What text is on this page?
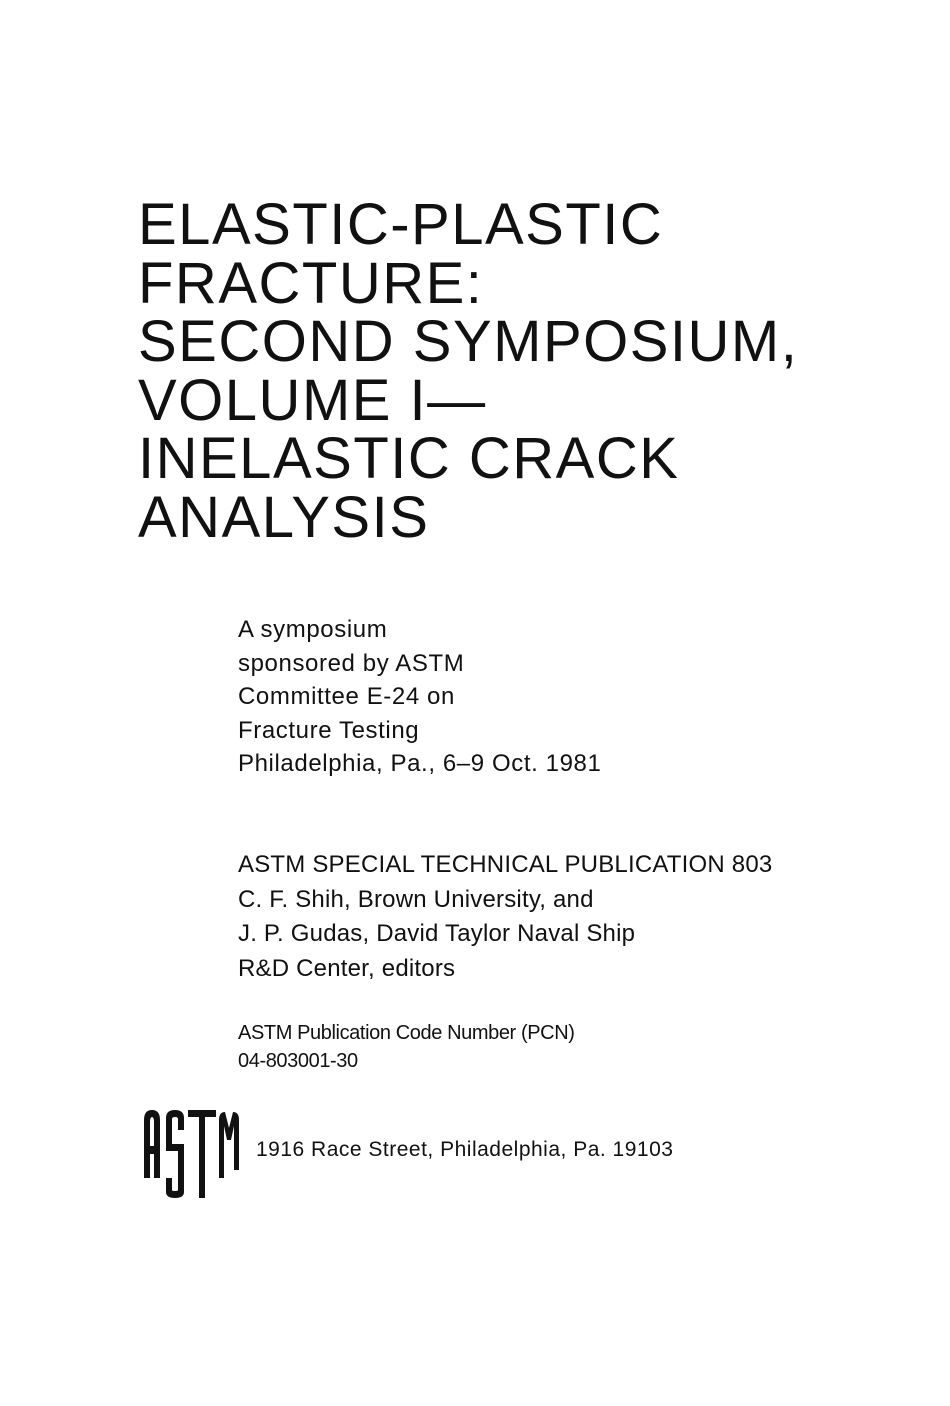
ELASTIC-PLASTIC
FRACTURE:
SECOND SYMPOSIUM,
VOLUME I—
INELASTIC CRACK
ANALYSIS
A symposium
sponsored by ASTM
Committee E-24 on
Fracture Testing
Philadelphia, Pa., 6–9 Oct. 1981
ASTM SPECIAL TECHNICAL PUBLICATION 803
C. F. Shih, Brown University, and
J. P. Gudas, David Taylor Naval Ship
R&D Center, editors
ASTM Publication Code Number (PCN)
04-803001-30
1916 Race Street, Philadelphia, Pa. 19103
